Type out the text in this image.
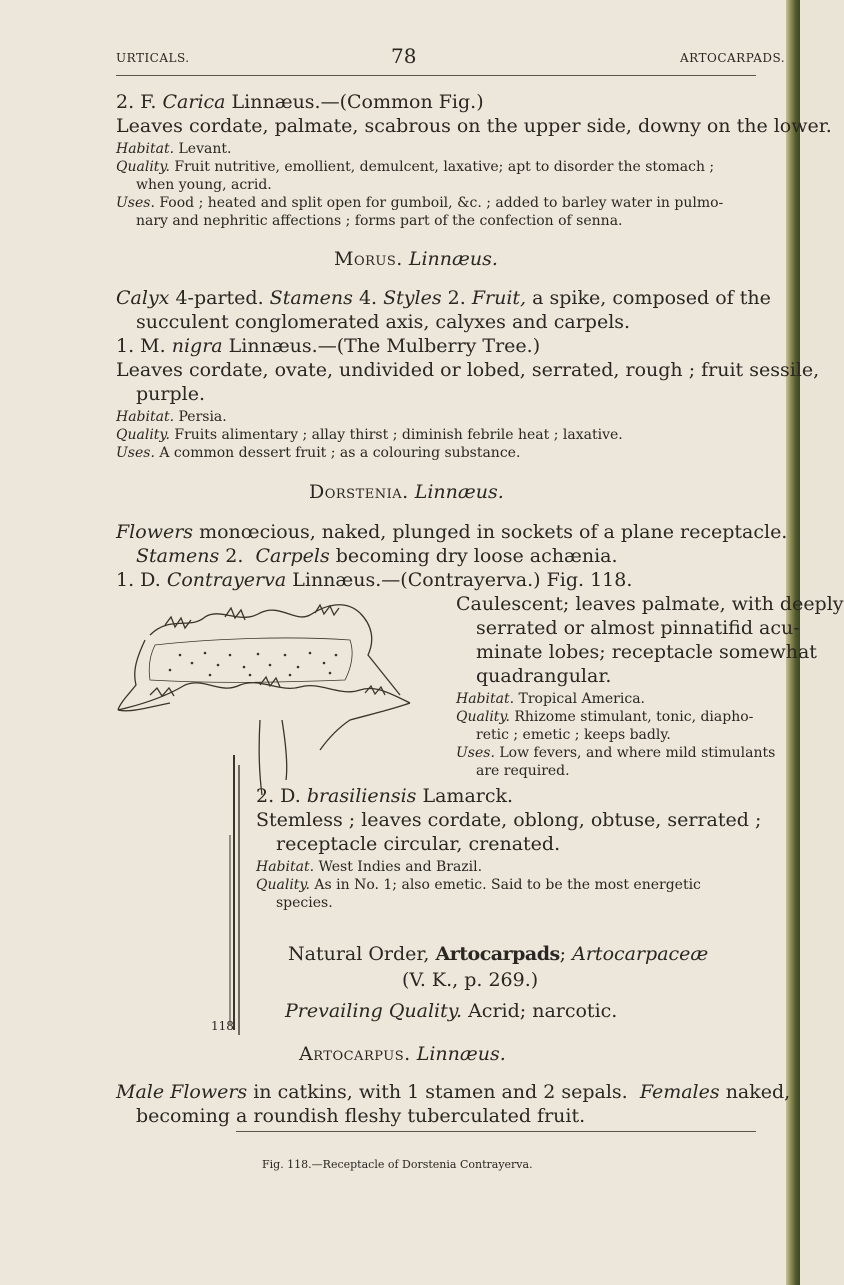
URTICALS.	78	ARTOCARPADS.
2. F. Carica Linnæus.—(Common Fig.)
Leaves cordate, palmate, scabrous on the upper side, downy on the lower.
Habitat. Levant.
Quality. Fruit nutritive, emollient, demulcent, laxative; apt to disorder the stomach ;
when young, acrid.
Uses. Food ; heated and split open for gumboil, &c. ; added to barley water in pulmo-
nary and nephritic affections ; forms part of the confection of senna.
Morus. Linnæus.
Calyx 4-parted. Stamens 4. Styles 2. Fruit, a spike, composed of the
succulent conglomerated axis, calyxes and carpels.
1. M. nigra Linnæus.—(The Mulberry Tree.)
Leaves cordate, ovate, undivided or lobed, serrated, rough ; fruit sessile,
purple.
Habitat. Persia.
Quality. Fruits alimentary ; allay thirst ; diminish febrile heat ; laxative.
Uses. A common dessert fruit ; as a colouring substance.
Dorstenia. Linnæus.
Flowers monœcious, naked, plunged in sockets of a plane receptacle.
Stamens 2. Carpels becoming dry loose achænia.
1. D. Contrayerva Linnæus.—(Contrayerva.) Fig. 118.
Caulescent; leaves palmate, with deeply
serrated or almost pinnatifid acu-
minate lobes; receptacle somewhat
quadrangular.
Habitat. Tropical America.
Quality. Rhizome stimulant, tonic, diapho-
retic ; emetic ; keeps badly.
Uses. Low fevers, and where mild stimulants
are required.
2. D. brasiliensis Lamarck.
Stemless ; leaves cordate, oblong, obtuse, serrated ;
receptacle circular, crenated.
Habitat. West Indies and Brazil.
Quality. As in No. 1; also emetic. Said to be the most energetic
species.
Natural Order, Artocarpads; Artocarpaceæ
(V. K., p. 269.)
Prevailing Quality. Acrid; narcotic.
118
Artocarpus. Linnæus.
Male Flowers in catkins, with 1 stamen and 2 sepals. Females naked,
becoming a roundish fleshy tuberculated fruit.
Fig. 118.—Receptacle of Dorstenia Contrayerva.
